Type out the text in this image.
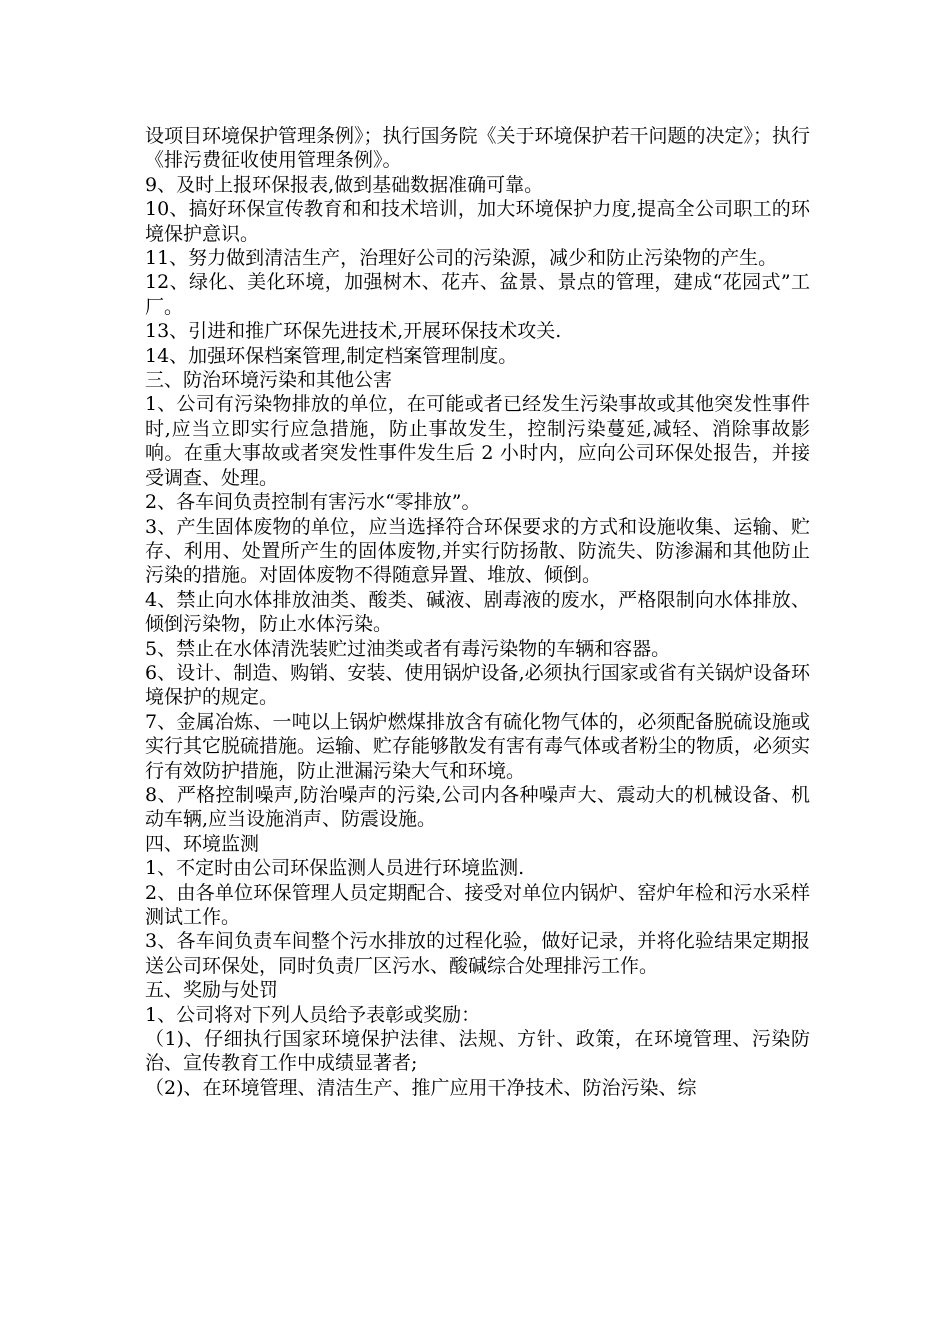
设项目环境保护管理条例》；执行国务院《关于环境保护若干问题的决定》；执行《排污费征收使用管理条例》。

9、及时上报环保报表,做到基础数据准确可靠。

10、搞好环保宣传教育和和技术培训，加大环境保护力度,提高全公司职工的环境保护意识。

11、努力做到清洁生产，治理好公司的污染源，减少和防止污染物的产生。

12、绿化、美化环境，加强树木、花卉、盆景、景点的管理，建成“花园式”工厂。

13、引进和推广环保先进技术,开展环保技术攻关.

14、加强环保档案管理,制定档案管理制度。

三、防治环境污染和其他公害

1、公司有污染物排放的单位，在可能或者已经发生污染事故或其他突发性事件时,应当立即实行应急措施，防止事故发生，控制污染蔓延,减轻、消除事故影响。在重大事故或者突发性事件发生后 2 小时内，应向公司环保处报告，并接受调查、处理。

2、各车间负责控制有害污水“零排放”。

3、产生固体废物的单位，应当选择符合环保要求的方式和设施收集、运输、贮存、利用、处置所产生的固体废物,并实行防扬散、防流失、防渗漏和其他防止污染的措施。对固体废物不得随意异置、堆放、倾倒。

4、禁止向水体排放油类、酸类、碱液、剧毒液的废水，严格限制向水体排放、倾倒污染物，防止水体污染。

5、禁止在水体清洗装贮过油类或者有毒污染物的车辆和容器。

6、设计、制造、购销、安装、使用锅炉设备,必须执行国家或省有关锅炉设备环境保护的规定。

7、金属冶炼、一吨以上锅炉燃煤排放含有硫化物气体的，必须配备脱硫设施或实行其它脱硫措施。运输、贮存能够散发有害有毒气体或者粉尘的物质，必须实行有效防护措施，防止泄漏污染大气和环境。

8、严格控制噪声,防治噪声的污染,公司内各种噪声大、震动大的机械设备、机动车辆,应当设施消声、防震设施。

四、环境监测

1、不定时由公司环保监测人员进行环境监测.

2、由各单位环保管理人员定期配合、接受对单位内锅炉、窑炉年检和污水采样测试工作。

3、各车间负责车间整个污水排放的过程化验，做好记录，并将化验结果定期报送公司环保处，同时负责厂区污水、酸碱综合处理排污工作。

五、奖励与处罚

1、公司将对下列人员给予表彰或奖励：

（1)、仔细执行国家环境保护法律、法规、方针、政策，在环境管理、污染防治、宣传教育工作中成绩显著者;

（2)、在环境管理、清洁生产、推广应用干净技术、防治污染、综
